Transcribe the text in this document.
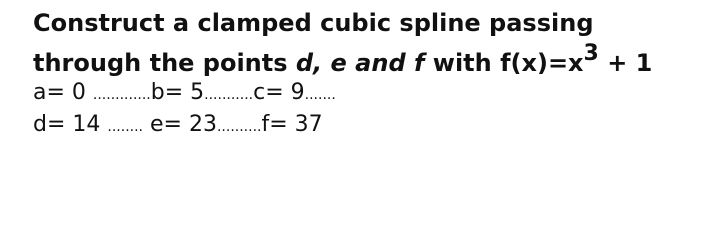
Construct a clamped cubic spline passing

through the points d, e and f with $f(x)=x^3 + 1$

a= 0 .............b= 5...........c= 9.......

d= 14 ........ e= 23..........f= 37
